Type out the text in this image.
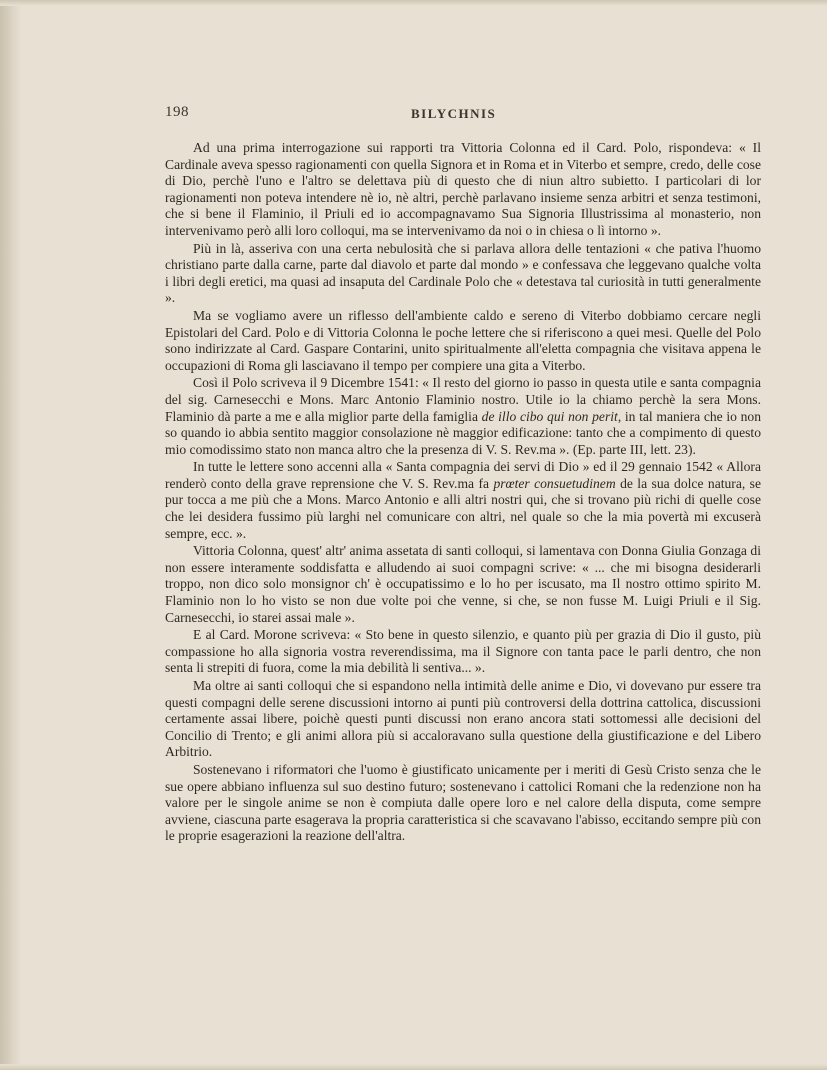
198	BILYCHNIS

Ad una prima interrogazione sui rapporti tra Vittoria Colonna ed il Card. Polo, rispondeva: « Il Cardinale aveva spesso ragionamenti con quella Signora et in Roma et in Viterbo et sempre, credo, delle cose di Dio, perchè l'uno e l'altro se delettava più di questo che di niun altro subietto. I particolari di lor ragionamenti non poteva intendere nè io, nè altri, perchè parlavano insieme senza arbitri et senza testimoni, che si bene il Flaminio, il Priuli ed io accompagnavamo Sua Signoria Illustrissima al monasterio, non intervenivamo però alli loro colloqui, ma se intervenivamo da noi o in chiesa o lì intorno ».

Più in là, asseriva con una certa nebulosità che si parlava allora delle tentazioni « che pativa l'huomo christiano parte dalla carne, parte dal diavolo et parte dal mondo » e confessava che leggevano qualche volta i libri degli eretici, ma quasi ad insaputa del Cardinale Polo che « detestava tal curiosità in tutti generalmente ».

Ma se vogliamo avere un riflesso dell'ambiente caldo e sereno di Viterbo dobbiamo cercare negli Epistolari del Card. Polo e di Vittoria Colonna le poche lettere che si riferiscono a quei mesi. Quelle del Polo sono indirizzate al Card. Gaspare Contarini, unito spiritualmente all'eletta compagnia che visitava appena le occupazioni di Roma gli lasciavano il tempo per compiere una gita a Viterbo.

Così il Polo scriveva il 9 Dicembre 1541: « Il resto del giorno io passo in questa utile e santa compagnia del sig. Carnesecchi e Mons. Marc Antonio Flaminio nostro. Utile io la chiamo perchè la sera Mons. Flaminio dà parte a me e alla miglior parte della famiglia de illo cibo qui non perit, in tal maniera che io non so quando io abbia sentito maggior consolazione nè maggior edificazione: tanto che a compimento di questo mio comodissimo stato non manca altro che la presenza di V. S. Rev.ma ». (Ep. parte III, lett. 23).

In tutte le lettere sono accenni alla « Santa compagnia dei servi di Dio » ed il 29 gennaio 1542 « Allora renderò conto della grave reprensione che V. S. Rev.ma fa prœter consuetudinem de la sua dolce natura, se pur tocca a me più che a Mons. Marco Antonio e alli altri nostri qui, che si trovano più richi di quelle cose che lei desidera fussimo più larghi nel comunicare con altri, nel quale so che la mia povertà mi excuserà sempre, ecc. ».

Vittoria Colonna, quest' altr' anima assetata di santi colloqui, si lamentava con Donna Giulia Gonzaga di non essere interamente soddisfatta e alludendo ai suoi compagni scrive: « ... che mi bisogna desiderarli troppo, non dico solo monsignor ch' è occupatissimo e lo ho per iscusato, ma Il nostro ottimo spirito M. Flaminio non lo ho visto se non due volte poi che venne, si che, se non fusse M. Luigi Priuli e il Sig. Carnesecchi, io starei assai male ».

E al Card. Morone scriveva: « Sto bene in questo silenzio, e quanto più per grazia di Dio il gusto, più compassione ho alla signoria vostra reverendissima, ma il Signore con tanta pace le parli dentro, che non senta li strepiti di fuora, come la mia debilità li sentiva... ».

Ma oltre ai santi colloqui che si espandono nella intimità delle anime e Dio, vi dovevano pur essere tra questi compagni delle serene discussioni intorno ai punti più controversi della dottrina cattolica, discussioni certamente assai libere, poichè questi punti discussi non erano ancora stati sottomessi alle decisioni del Concilio di Trento; e gli animi allora più si accaloravano sulla questione della giustificazione e del Libero Arbitrio.

Sostenevano i riformatori che l'uomo è giustificato unicamente per i meriti di Gesù Cristo senza che le sue opere abbiano influenza sul suo destino futuro; sostenevano i cattolici Romani che la redenzione non ha valore per le singole anime se non è compiuta dalle opere loro e nel calore della disputa, come sempre avviene, ciascuna parte esagerava la propria caratteristica si che scavavano l'abisso, eccitando sempre più con le proprie esagerazioni la reazione dell'altra.
